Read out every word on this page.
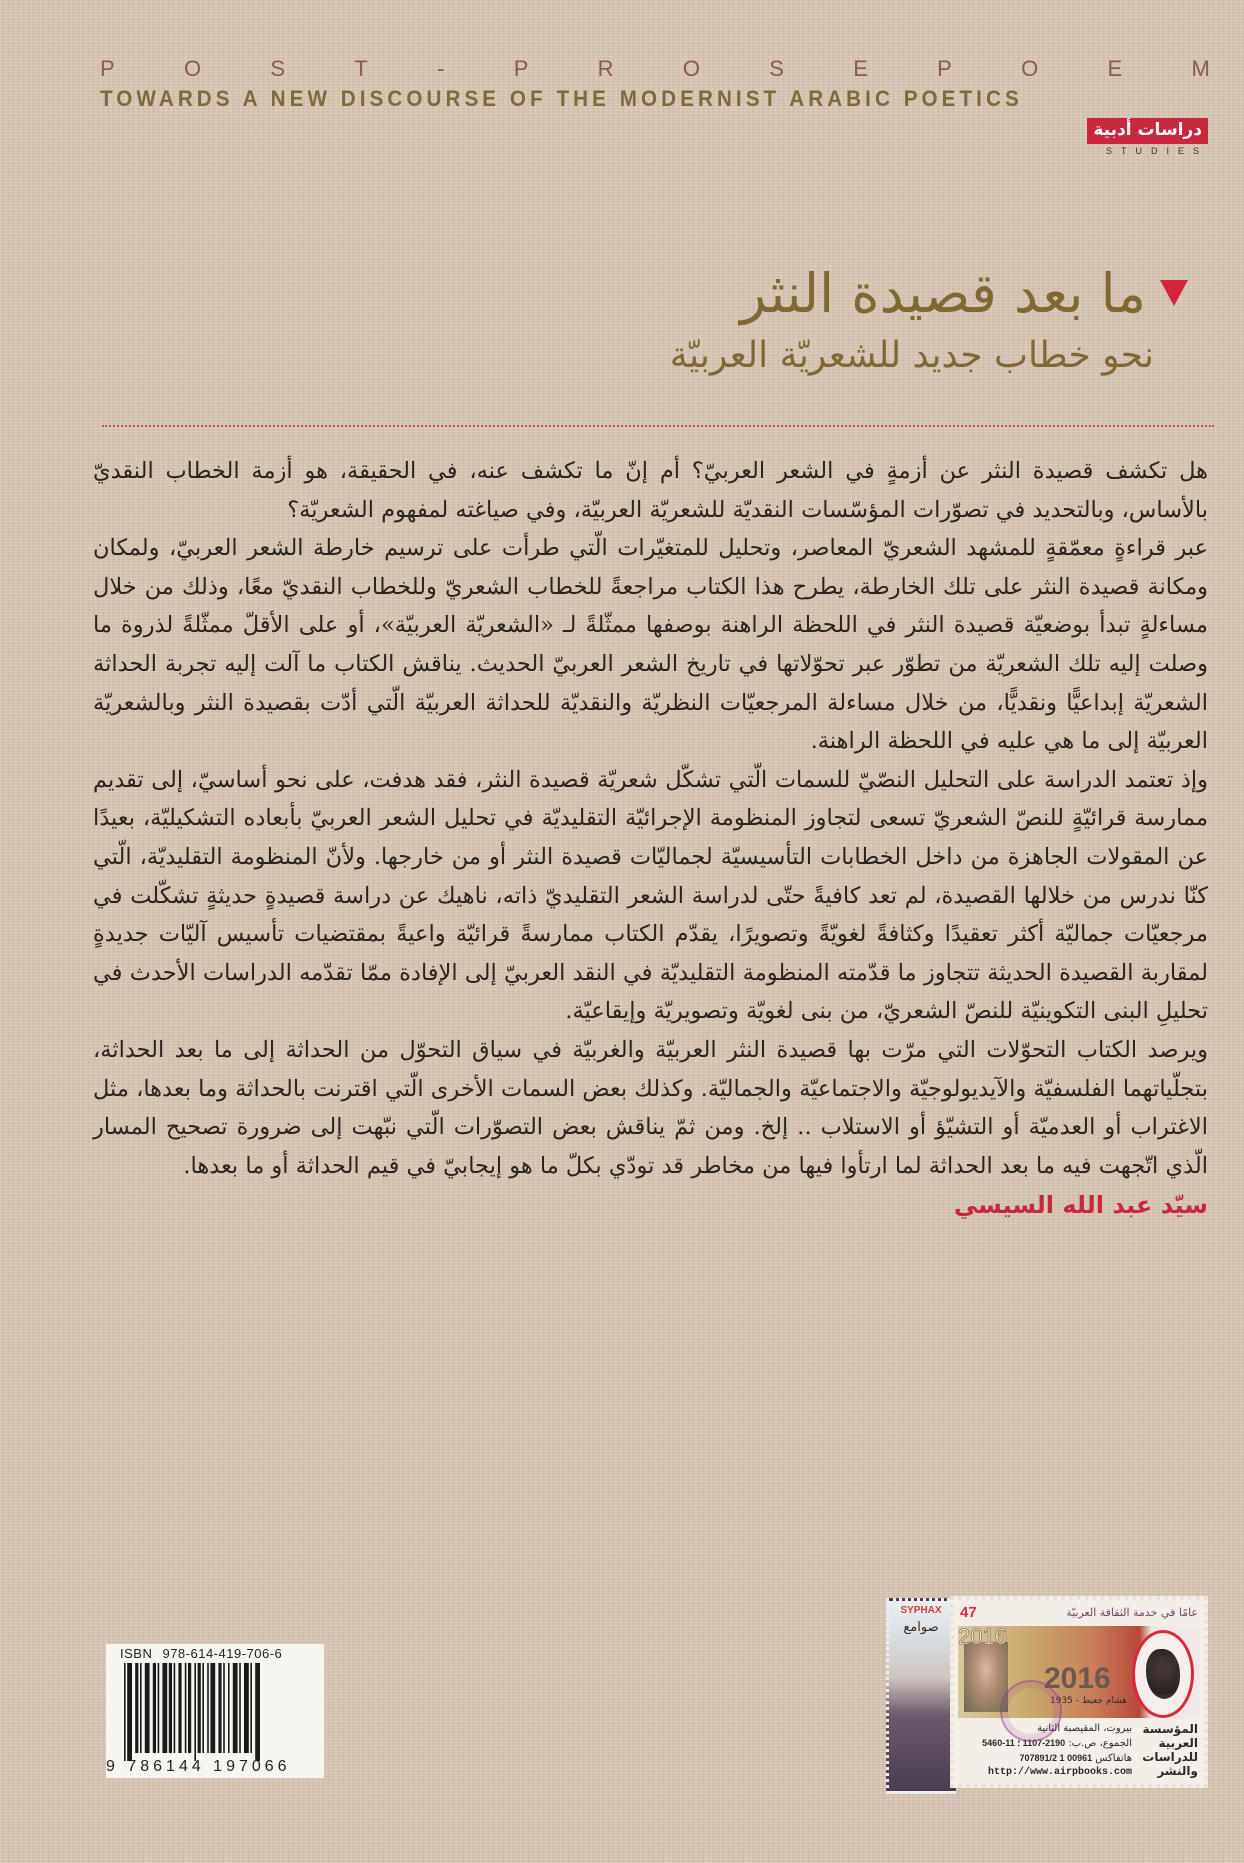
P	O	S	T	-	P	R	O	S	E	P	O	E	M
TOWARDS A NEW DISCOURSE OF THE MODERNIST ARABIC POETICS
دراسات أدبية
STUDIES
ما بعد قصيدة النثر
نحو خطاب جديد للشعريّة العربيّة

هل تكشف قصيدة النثر عن أزمةٍ في الشعر العربيّ؟ أم إنّ ما تكشف عنه، في الحقيقة، هو أزمة الخطاب النقديّ بالأساس، وبالتحديد في تصوّرات المؤسّسات النقديّة للشعريّة العربيّة، وفي صياغته لمفهوم الشعريّة؟

عبر قراءةٍ معمّقةٍ للمشهد الشعريّ المعاصر، وتحليل للمتغيّرات الّتي طرأت على ترسيم خارطة الشعر العربيّ، ولمكان ومكانة قصيدة النثر على تلك الخارطة، يطرح هذا الكتاب مراجعةً للخطاب الشعريّ وللخطاب النقديّ معًا، وذلك من خلال مساءلةٍ تبدأ بوضعيّة قصيدة النثر في اللحظة الراهنة بوصفها ممثّلةً لـ «الشعريّة العربيّة»، أو على الأقلّ ممثّلةً لذروة ما وصلت إليه تلك الشعريّة من تطوّر عبر تحوّلاتها في تاريخ الشعر العربيّ الحديث. يناقش الكتاب ما آلت إليه تجربة الحداثة الشعريّة إبداعيًّا ونقديًّا، من خلال مساءلة المرجعيّات النظريّة والنقديّة للحداثة العربيّة الّتي أدّت بقصيدة النثر وبالشعريّة العربيّة إلى ما هي عليه في اللحظة الراهنة.

وإذ تعتمد الدراسة على التحليل النصّيّ للسمات الّتي تشكّل شعريّة قصيدة النثر، فقد هدفت، على نحو أساسيّ، إلى تقديم ممارسة قرائيّةٍ للنصّ الشعريّ تسعى لتجاوز المنظومة الإجرائيّة التقليديّة في تحليل الشعر العربيّ بأبعاده التشكيليّة، بعيدًا عن المقولات الجاهزة من داخل الخطابات التأسيسيّة لجماليّات قصيدة النثر أو من خارجها. ولأنّ المنظومة التقليديّة، الّتي كنّا ندرس من خلالها القصيدة، لم تعد كافيةً حتّى لدراسة الشعر التقليديّ ذاته، ناهيك عن دراسة قصيدةٍ حديثةٍ تشكّلت في مرجعيّات جماليّة أكثر تعقيدًا وكثافةً لغويّةً وتصويرًا، يقدّم الكتاب ممارسةً قرائيّة واعيةً بمقتضيات تأسيس آليّات جديدةٍ لمقاربة القصيدة الحديثة تتجاوز ما قدّمته المنظومة التقليديّة في النقد العربيّ إلى الإفادة ممّا تقدّمه الدراسات الأحدث في تحليلِ البنى التكوينيّة للنصّ الشعريّ، من بنى لغويّة وتصويريّة وإيقاعيّة.

ويرصد الكتاب التحوّلات التي مرّت بها قصيدة النثر العربيّة والغربيّة في سياق التحوّل من الحداثة إلى ما بعد الحداثة، بتجلّياتهما الفلسفيّة والآيديولوجيّة والاجتماعيّة والجماليّة. وكذلك بعض السمات الأخرى الّتي اقترنت بالحداثة وما بعدها، مثل الاغتراب أو العدميّة أو التشيّؤ أو الاستلاب .. إلخ. ومن ثمّ يناقش بعض التصوّرات الّتي نبّهت إلى ضرورة تصحيح المسار الّذي اتّجهت فيه ما بعد الحداثة لما ارتأوا فيها من مخاطر قد تودّي بكلّ ما هو إيجابيّ في قيم الحداثة أو ما بعدها.

سيّد عبد الله السيسي
ISBN 978-614-419-706-6
9 786144 197066
SYPHAX
صوامع
عامًا في خدمة الثقافة العربيّة
47
2016
2016
هشام جعيط - 1935
المؤسسة
العربية
للدراسات
والنشر
بيروت، المقيصبة الثانية
الجموع، ص.ب: 2190-1107 ؛ 11-5460
هاتفاكس 00961 1 707891/2
http://www.airpbooks.com
